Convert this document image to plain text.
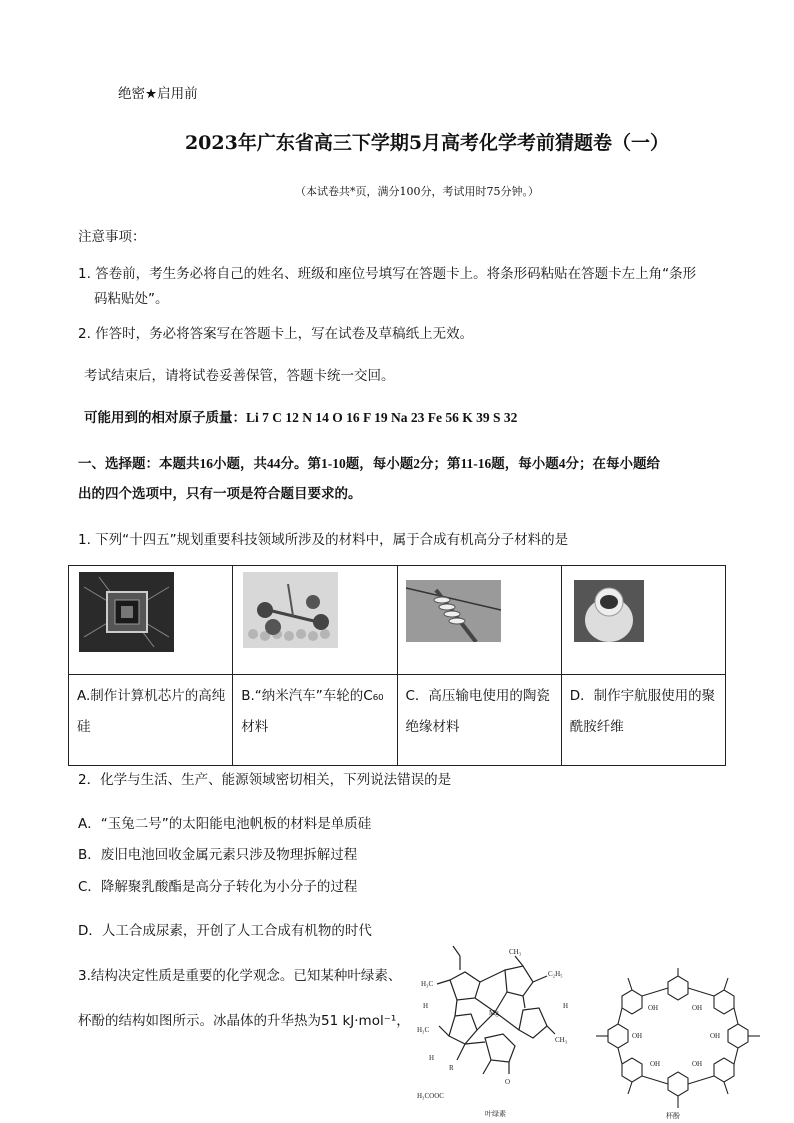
绝密★启用前
2023年广东省高三下学期5月高考化学考前猜题卷（一）
（本试卷共*页，满分100分，考试用时75分钟。）
注意事项：
1. 答卷前，考生务必将自己的姓名、班级和座位号填写在答题卡上。将条形码粘贴在答题卡左上角“条形
码粘贴处”。
2. 作答时，务必将答案写在答题卡上，写在试卷及草稿纸上无效。
考试结束后，请将试卷妥善保管，答题卡统一交回。
可能用到的相对原子质量：Li 7 C 12 N 14 O 16 F 19 Na 23 Fe 56 K 39 S 32
一、选择题：本题共16小题，共44分。第1-10题，每小题2分；第11-16题，每小题4分；在每小题给
出的四个选项中，只有一项是符合题目要求的。
1. 下列“十四五”规划重要科技领域所涉及的材料中，属于合成有机高分子材料的是

A.制作计算机芯片的高纯硅	B.“纳米汽车”车轮的C₆₀材料	C．高压输电使用的陶瓷绝缘材料	D．制作宇航服使用的聚酰胺纤维
2．化学与生活、生产、能源领域密切相关，下列说法错误的是
A．“玉兔二号”的太阳能电池帆板的材料是单质硅
B．废旧电池回收金属元素只涉及物理拆解过程
C．降解聚乳酸酯是高分子转化为小分子的过程
D．人工合成尿素，开创了人工合成有机物的时代
3.结构决定性质是重要的化学观念。已知某种叶绿素、
杯酚的结构如图所示。冰晶体的升华热为51 kJ·mol⁻¹，
H₃C
CH₃
C₂H₅
H	H
Mg
H₃C
CH₃
H
R
H₃COOC
O
叶绿素
OH	OH
OH	OH
OH	OH
杯酚
